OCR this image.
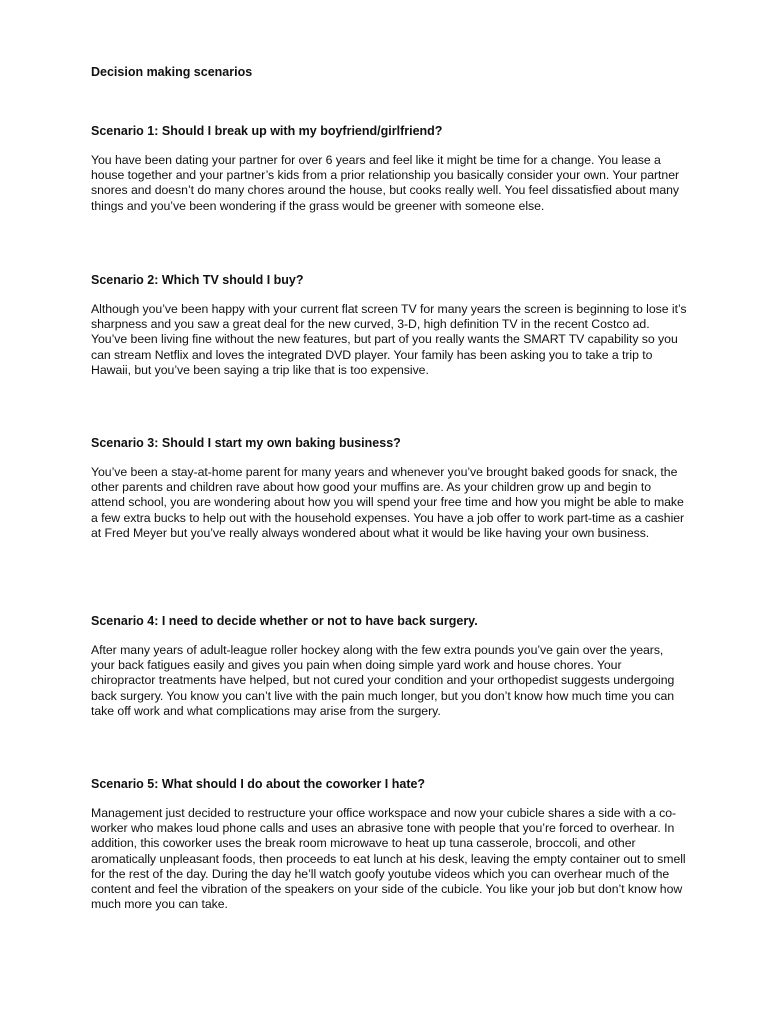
Decision making scenarios
Scenario 1: Should I break up with my boyfriend/girlfriend?

You have been dating your partner for over 6 years and feel like it might be time for a change. You lease a house together and your partner’s kids from a prior relationship you basically consider your own. Your partner snores and doesn’t do many chores around the house, but cooks really well. You feel dissatisfied about many things and you’ve been wondering if the grass would be greener with someone else.

Scenario 2: Which TV should I buy?

Although you’ve been happy with your current flat screen TV for many years the screen is beginning to lose it’s sharpness and you saw a great deal for the new curved, 3-D, high definition TV in the recent Costco ad. You’ve been living fine without the new features, but part of you really wants the SMART TV capability so you can stream Netflix and loves the integrated DVD player. Your family has been asking you to take a trip to Hawaii, but you’ve been saying a trip like that is too expensive.

Scenario 3: Should I start my own baking business?

You’ve been a stay-at-home parent for many years and whenever you’ve brought baked goods for snack, the other parents and children rave about how good your muffins are. As your children grow up and begin to attend school, you are wondering about how you will spend your free time and how you might be able to make a few extra bucks to help out with the household expenses. You have a job offer to work part-time as a cashier at Fred Meyer but you’ve really always wondered about what it would be like having your own business.

Scenario 4: I need to decide whether or not to have back surgery.

After many years of adult-league roller hockey along with the few extra pounds you’ve gain over the years, your back fatigues easily and gives you pain when doing simple yard work and house chores. Your chiropractor treatments have helped, but not cured your condition and your orthopedist suggests undergoing back surgery. You know you can’t live with the pain much longer, but you don’t know how much time you can take off work and what complications may arise from the surgery.

Scenario 5: What should I do about the coworker I hate?

Management just decided to restructure your office workspace and now your cubicle shares a side with a co-worker who makes loud phone calls and uses an abrasive tone with people that you’re forced to overhear. In addition, this coworker uses the break room microwave to heat up tuna casserole, broccoli, and other aromatically unpleasant foods, then proceeds to eat lunch at his desk, leaving the empty container out to smell for the rest of the day. During the day he’ll watch goofy youtube videos which you can overhear much of the content and feel the vibration of the speakers on your side of the cubicle. You like your job but don’t know how much more you can take.
